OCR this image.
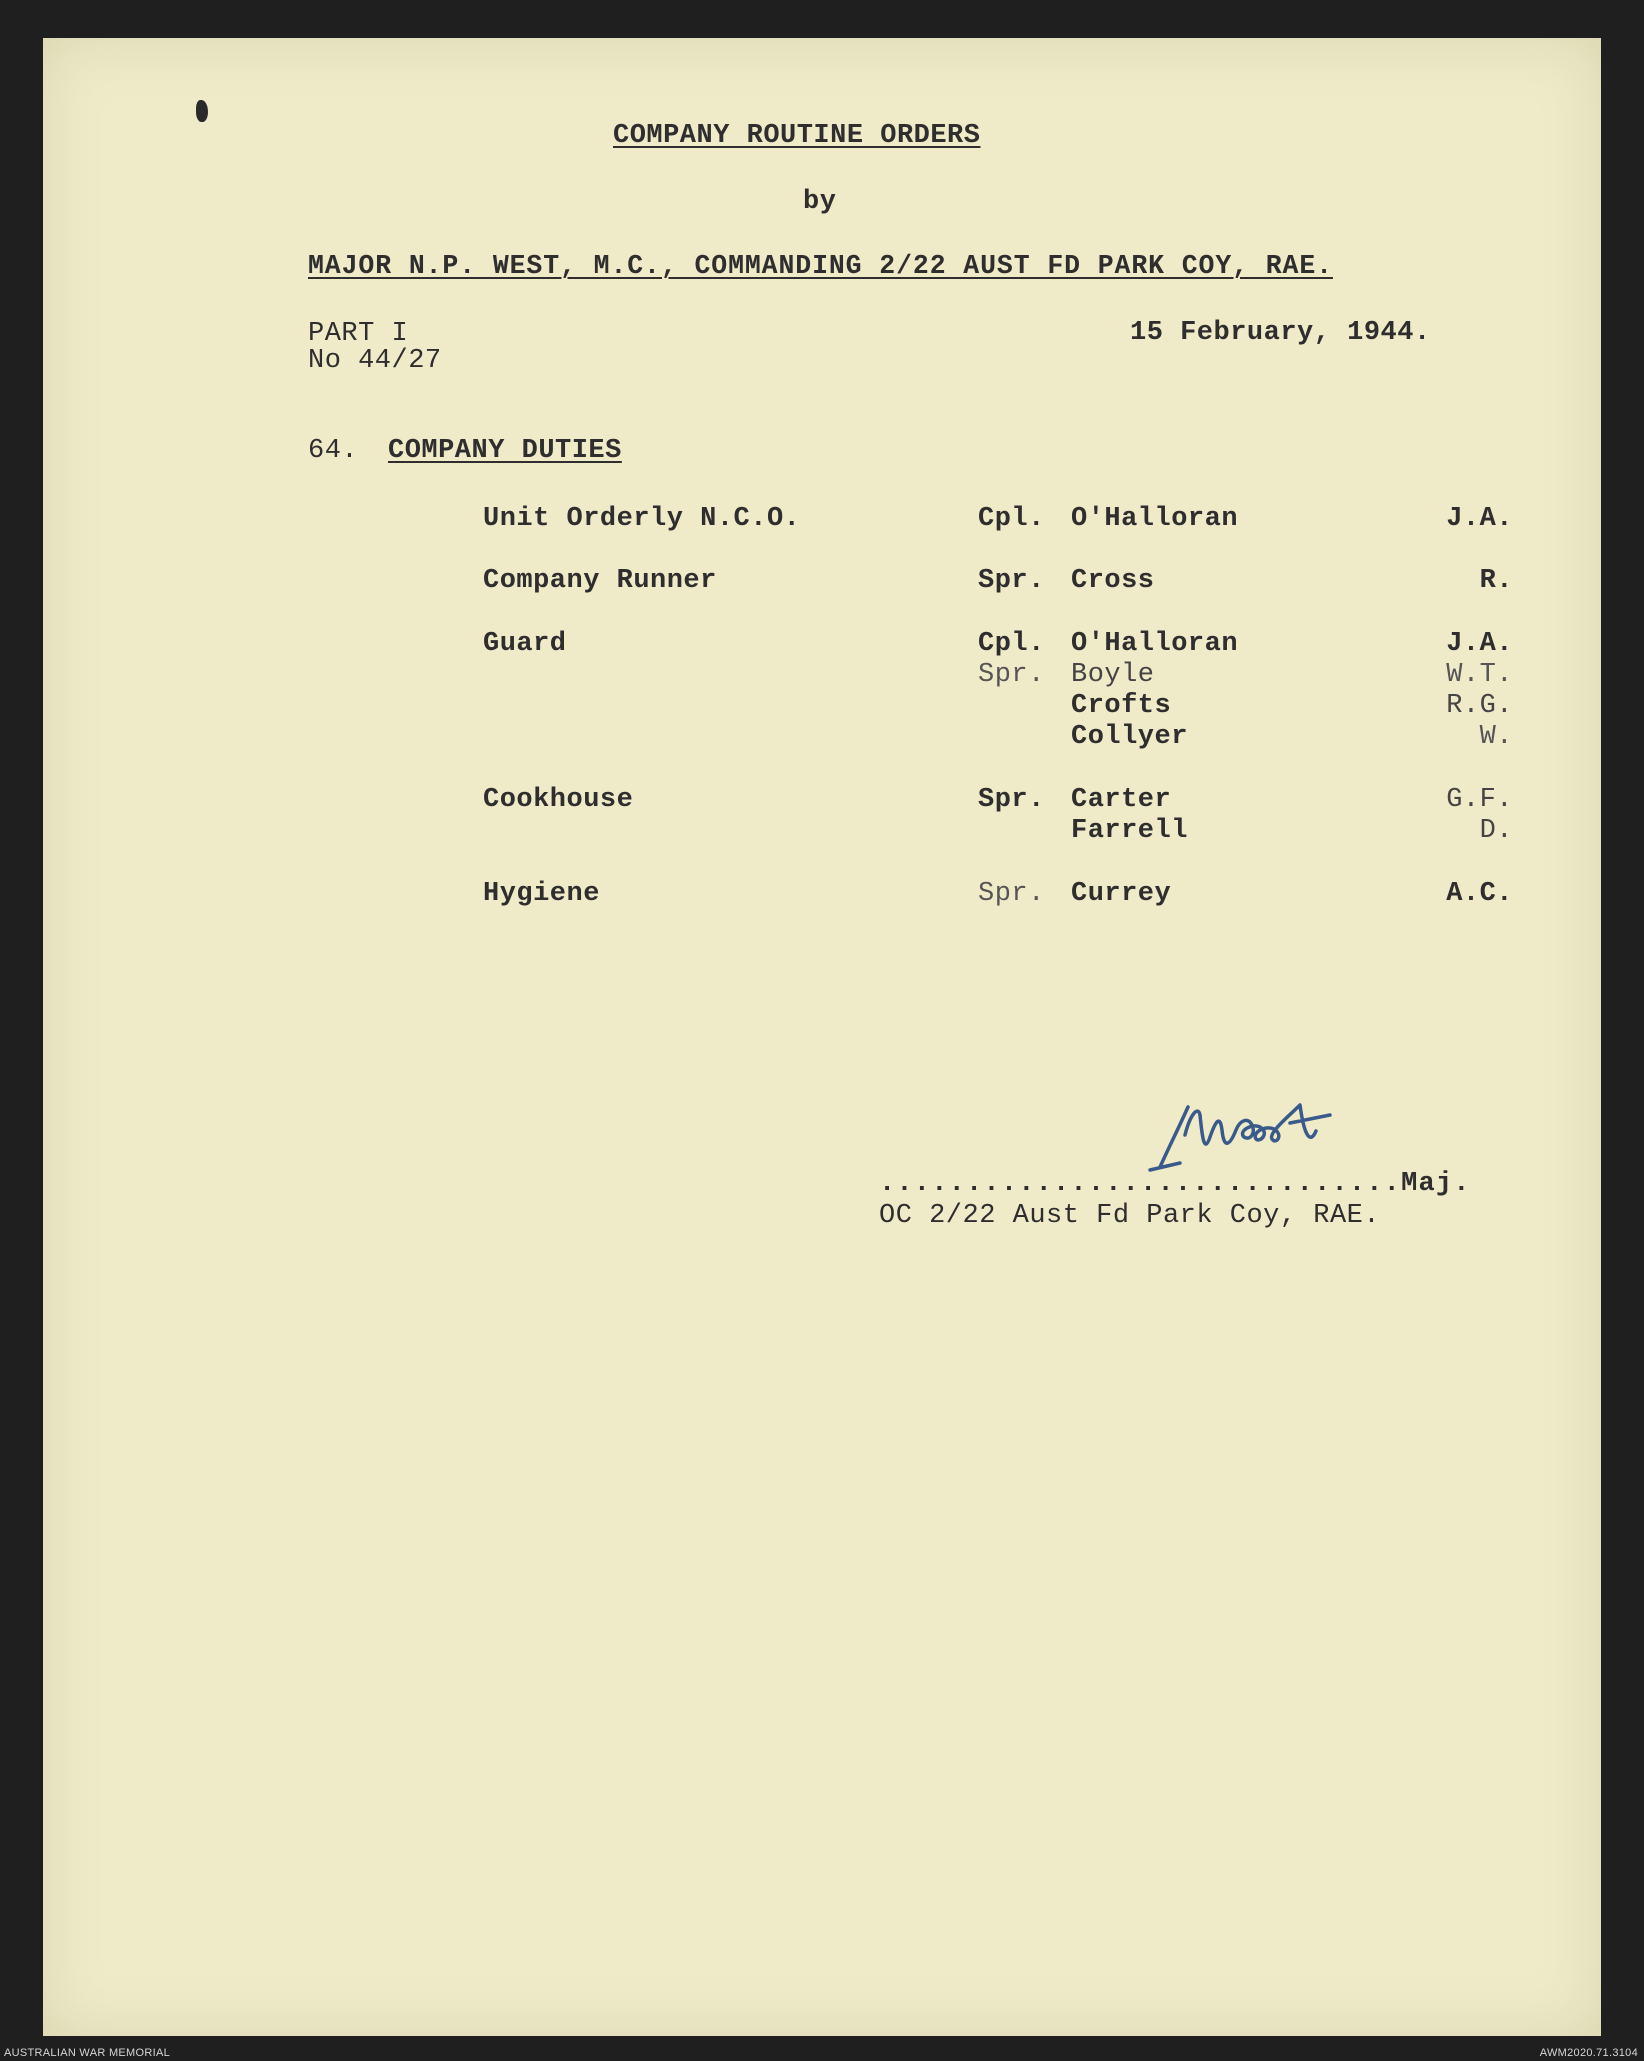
COMPANY ROUTINE ORDERS
by
MAJOR N.P. WEST, M.C., COMMANDING 2/22 AUST FD PARK COY, RAE.
PART I
No 44/27
15 February, 1944.
64. COMPANY DUTIES
Unit Orderly N.C.O.	Cpl. O'Halloran	J.A.
Company Runner	Spr. Cross	R.
Guard	Cpl. O'Halloran	J.A.
Spr. Boyle	W.T.
Crofts	R.G.
Collyer	W.
Cookhouse	Spr. Carter	G.F.
Farrell	D.
Hygiene	Spr. Currey	A.C.
..............................Maj.
OC 2/22 Aust Fd Park Coy, RAE.
AUSTRALIAN WAR MEMORIAL	AWM2020.71.3104
